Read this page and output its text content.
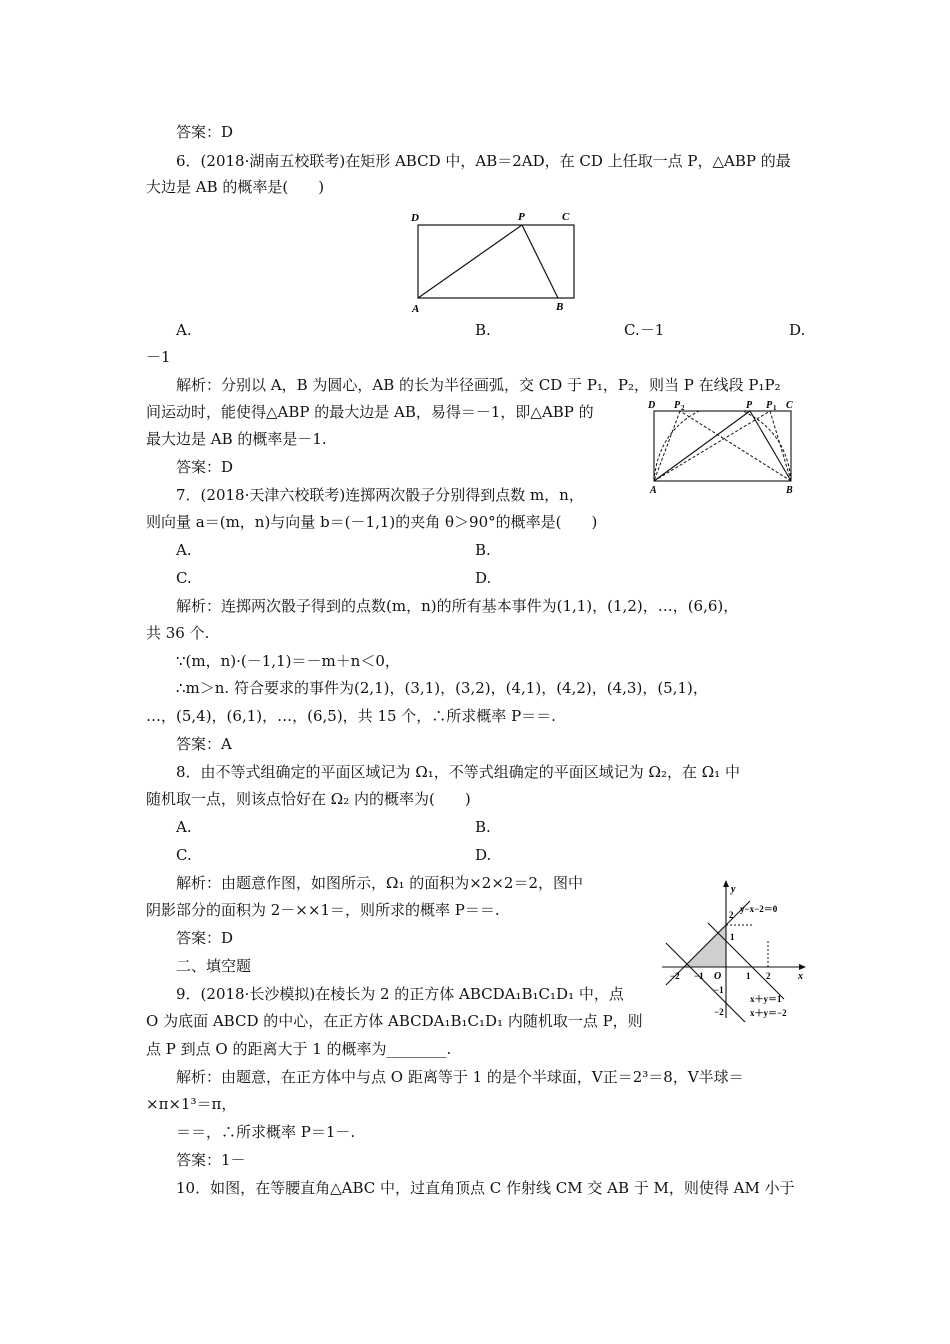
答案：D
6．(2018·湖南五校联考)在矩形 ABCD 中，AB＝2AD，在 CD 上任取一点 P，△ABP 的最
大边是 AB 的概率是(　　)
A.	B.	C.－1	D.
－1
解析：分别以 A，B 为圆心，AB 的长为半径画弧，交 CD 于 P₁，P₂，则当 P 在线段 P₁P₂
间运动时，能使得△ABP 的最大边是 AB，易得＝－1，即△ABP 的
最大边是 AB 的概率是－1.
答案：D
7．(2018·天津六校联考)连掷两次骰子分别得到点数 m，n，
则向量 a＝(m，n)与向量 b＝(－1,1)的夹角 θ＞90°的概率是(　　)
A.	B.
C.	D.
解析：连掷两次骰子得到的点数(m，n)的所有基本事件为(1,1)，(1,2)，…，(6,6)，
共 36 个.
∵(m，n)·(－1,1)＝－m＋n＜0，
∴m＞n. 符合要求的事件为(2,1)，(3,1)，(3,2)，(4,1)，(4,2)，(4,3)，(5,1)，
…，(5,4)，(6,1)，…，(6,5)，共 15 个，∴所求概率 P＝＝.
答案：A
8．由不等式组确定的平面区域记为 Ω₁，不等式组确定的平面区域记为 Ω₂，在 Ω₁ 中
随机取一点，则该点恰好在 Ω₂ 内的概率为(　　)
A.	B.
C.	D.
解析：由题意作图，如图所示，Ω₁ 的面积为×2×2＝2，图中
阴影部分的面积为 2－××1＝，则所求的概率 P＝＝.
答案：D
二、填空题
9．(2018·长沙模拟)在棱长为 2 的正方体 ABCDA₁B₁C₁D₁ 中，点
O 为底面 ABCD 的中心，在正方体 ABCDA₁B₁C₁D₁ 内随机取一点 P，则
点 P 到点 O 的距离大于 1 的概率为________.
解析：由题意，在正方体中与点 O 距离等于 1 的是个半球面，V正＝2³＝8，V半球＝
×π×1³＝π，
＝＝，∴所求概率 P＝1－.
答案：1－
10．如图，在等腰直角△ABC 中，过直角顶点 C 作射线 CM 交 AB 于 M，则使得 AM 小于
D	P	C
A	B
D P 2	P P 1 C
A	B
y
x
O
y−x−2＝0
x＋y＝1
x＋y＝−2
2
1
−1
−2
−2 −1	1 2
